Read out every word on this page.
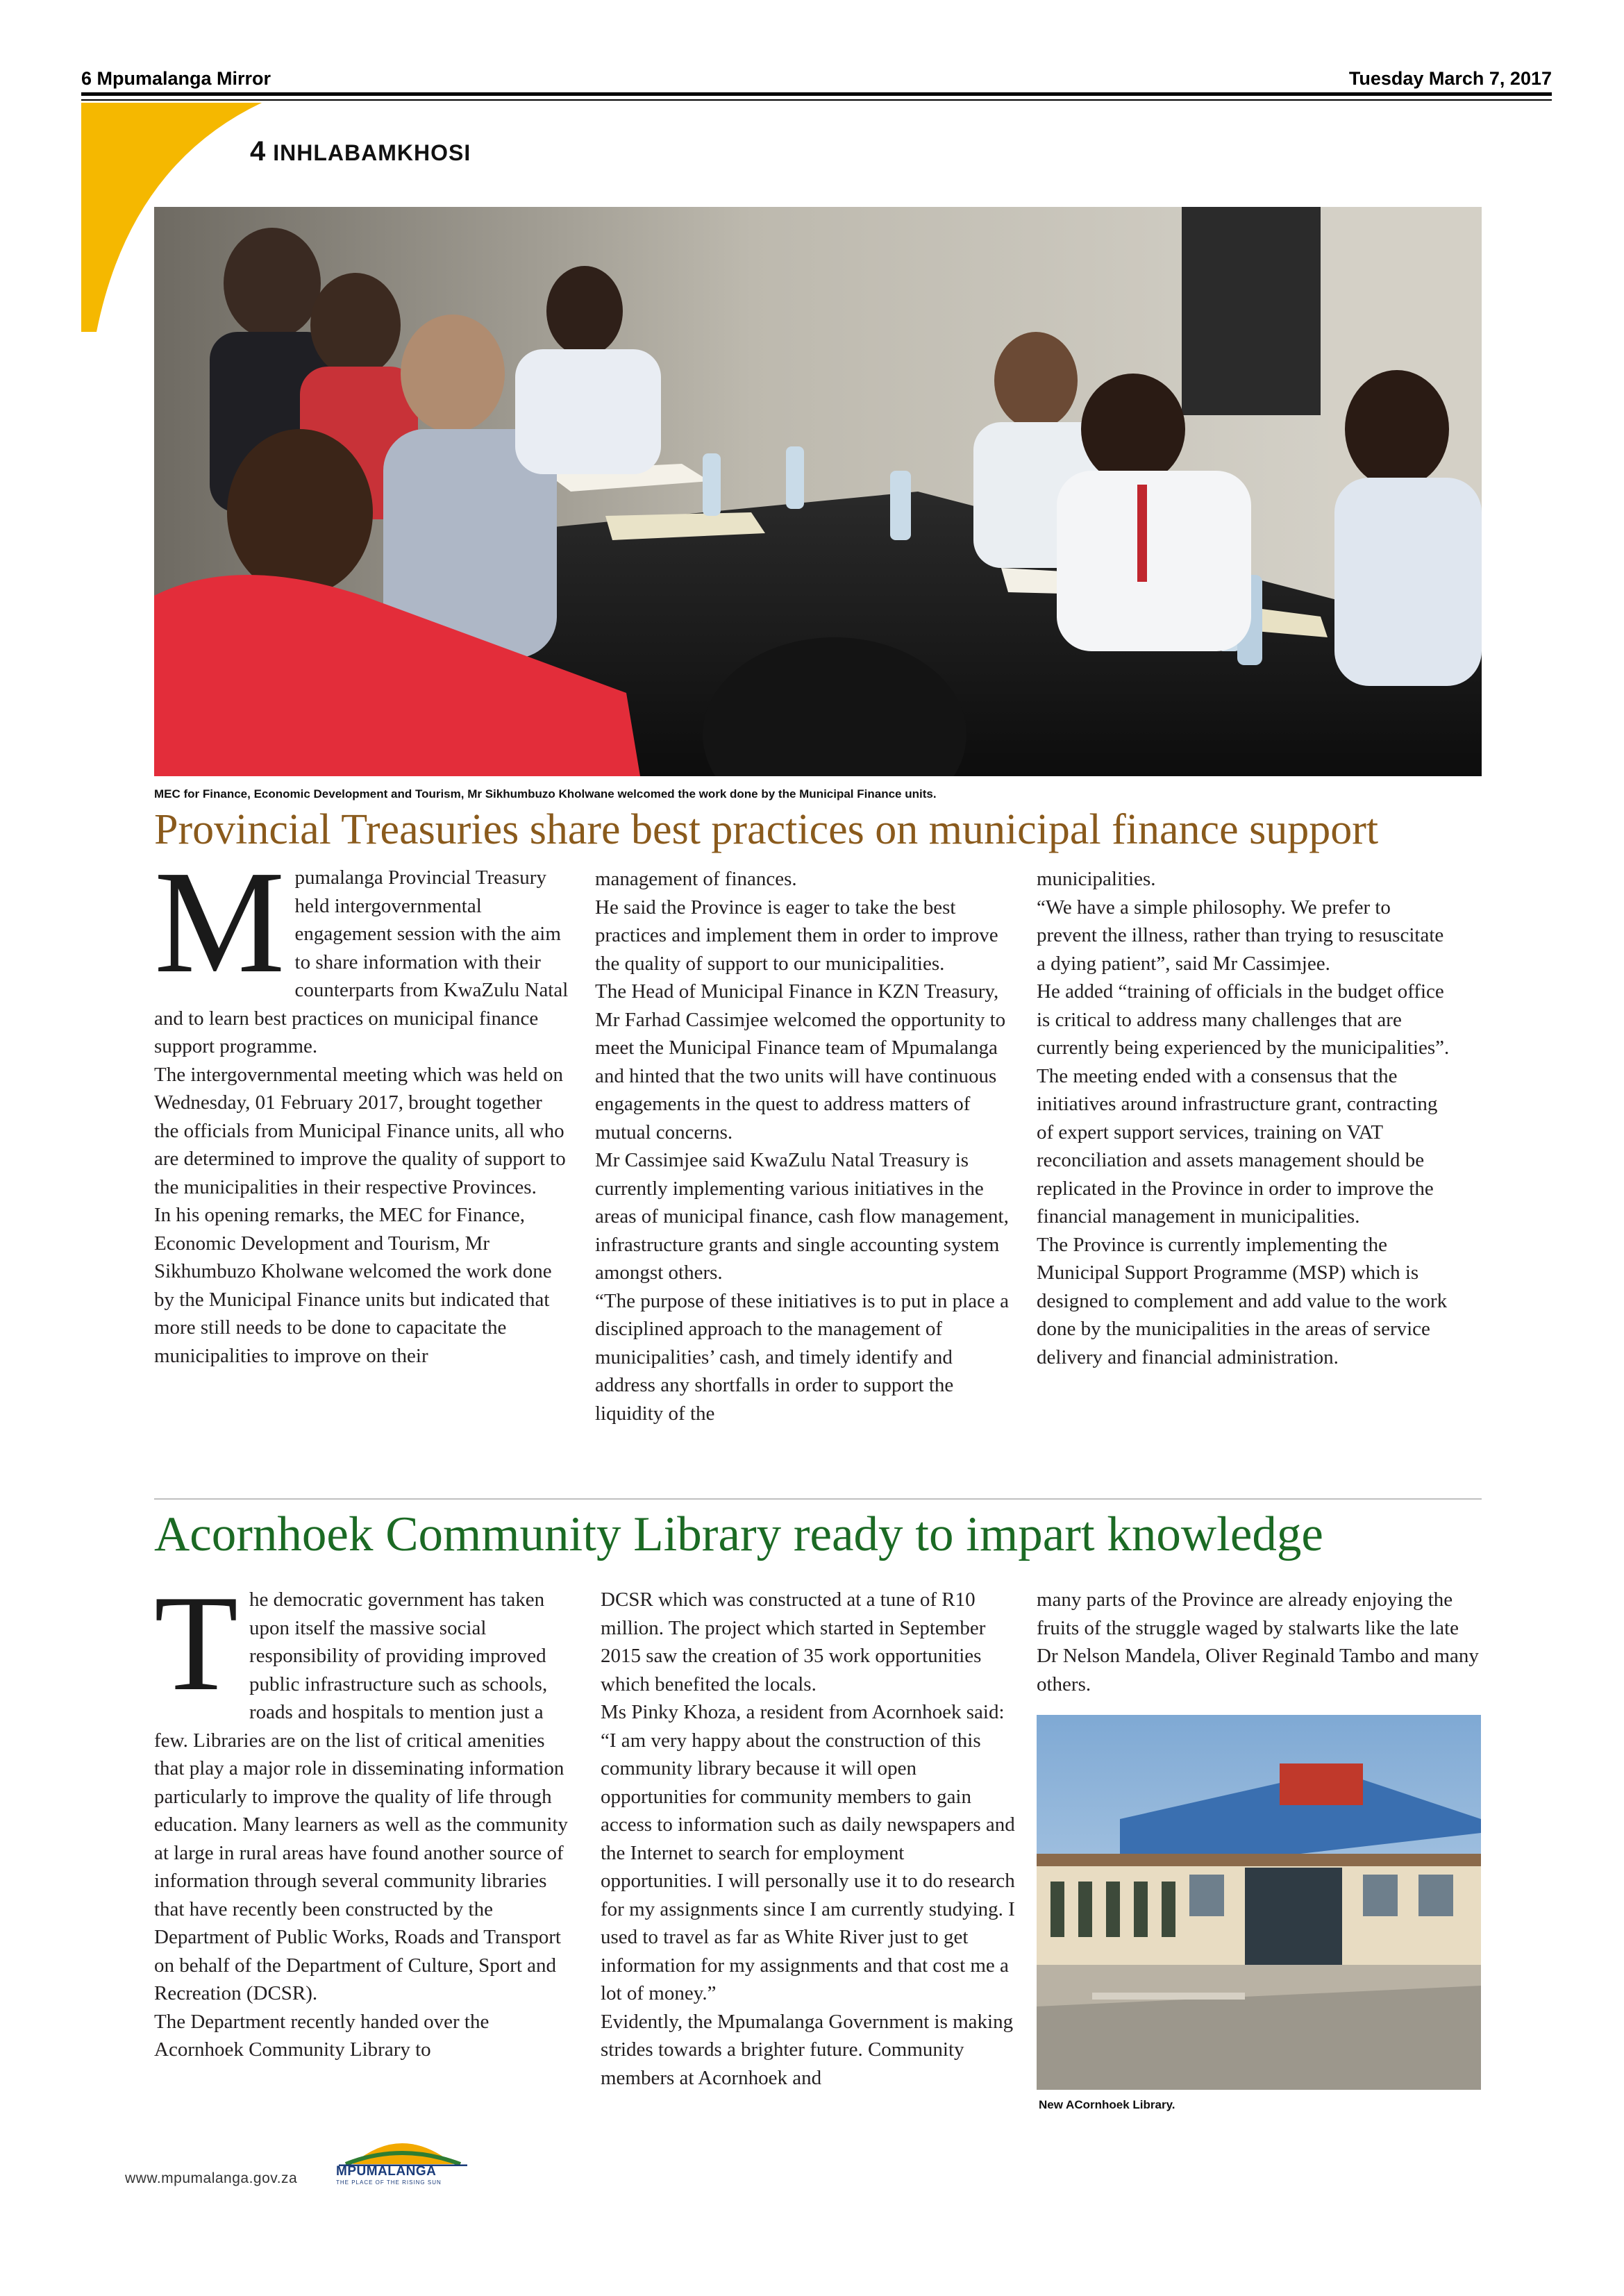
6 Mpumalanga Mirror	Tuesday March 7, 2017
4 INHLABAMKHOSI
MEC for Finance, Economic Development and Tourism, Mr Sikhumbuzo Kholwane welcomed the work done by the Municipal Finance units.
Provincial Treasuries share best practices on municipal finance support

Mpumalanga Provincial Treasury held intergovernmental engagement session with the aim to share information with their counterparts from KwaZulu Natal and to learn best practices on municipal finance support programme.

The intergovernmental meeting which was held on Wednesday, 01 February 2017, brought together the officials from Municipal Finance units, all who are determined to improve the quality of support to the municipalities in their respective Provinces.

In his opening remarks, the MEC for Finance, Economic Development and Tourism, Mr Sikhumbuzo Kholwane welcomed the work done by the Municipal Finance units but indicated that more still needs to be done to capacitate the municipalities to improve on their

management of finances.

He said the Province is eager to take the best practices and implement them in order to improve the quality of support to our municipalities.

The Head of Municipal Finance in KZN Treasury, Mr Farhad Cassimjee welcomed the opportunity to meet the Municipal Finance team of Mpumalanga and hinted that the two units will have continuous engagements in the quest to address matters of mutual concerns.

Mr Cassimjee said KwaZulu Natal Treasury is currently implementing various initiatives in the areas of municipal finance, cash flow management, infrastructure grants and single accounting system amongst others.

“The purpose of these initiatives is to put in place a disciplined approach to the management of municipalities’ cash, and timely identify and address any shortfalls in order to support the liquidity of the

municipalities.

“We have a simple philosophy. We prefer to prevent the illness, rather than trying to resuscitate a dying patient”, said Mr Cassimjee.

He added “training of officials in the budget office is critical to address many challenges that are currently being experienced by the municipalities”.

The meeting ended with a consensus that the initiatives around infrastructure grant, contracting of expert support services, training on VAT reconciliation and assets management should be replicated in the Province in order to improve the financial management in municipalities.

The Province is currently implementing the Municipal Support Programme (MSP) which is designed to complement and add value to the work done by the municipalities in the areas of service delivery and financial administration.

Acornhoek Community Library ready to impart knowledge

The democratic government has taken upon itself the massive social responsibility of providing improved public infrastructure such as schools, roads and hospitals to mention just a few. Libraries are on the list of critical amenities that play a major role in disseminating information particularly to improve the quality of life through education. Many learners as well as the community at large in rural areas have found another source of information through several community libraries that have recently been constructed by the Department of Public Works, Roads and Transport on behalf of the Department of Culture, Sport and Recreation (DCSR).

The Department recently handed over the Acornhoek Community Library to

DCSR which was constructed at a tune of R10 million. The project which started in September 2015 saw the creation of 35 work opportunities which benefited the locals.

Ms Pinky Khoza, a resident from Acornhoek said: “I am very happy about the construction of this community library because it will open opportunities for community members to gain access to information such as daily newspapers and the Internet to search for employment opportunities. I will personally use it to do research for my assignments since I am currently studying. I used to travel as far as White River just to get information for my assignments and that cost me a lot of money.”

Evidently, the Mpumalanga Government is making strides towards a brighter future. Community members at Acornhoek and

many parts of the Province are already enjoying the fruits of the struggle waged by stalwarts like the late Dr Nelson Mandela, Oliver Reginald Tambo and many others.

New ACornhoek Library.
www.mpumalanga.gov.za	MPUMALANGA
THE PLACE OF THE RISING SUN
